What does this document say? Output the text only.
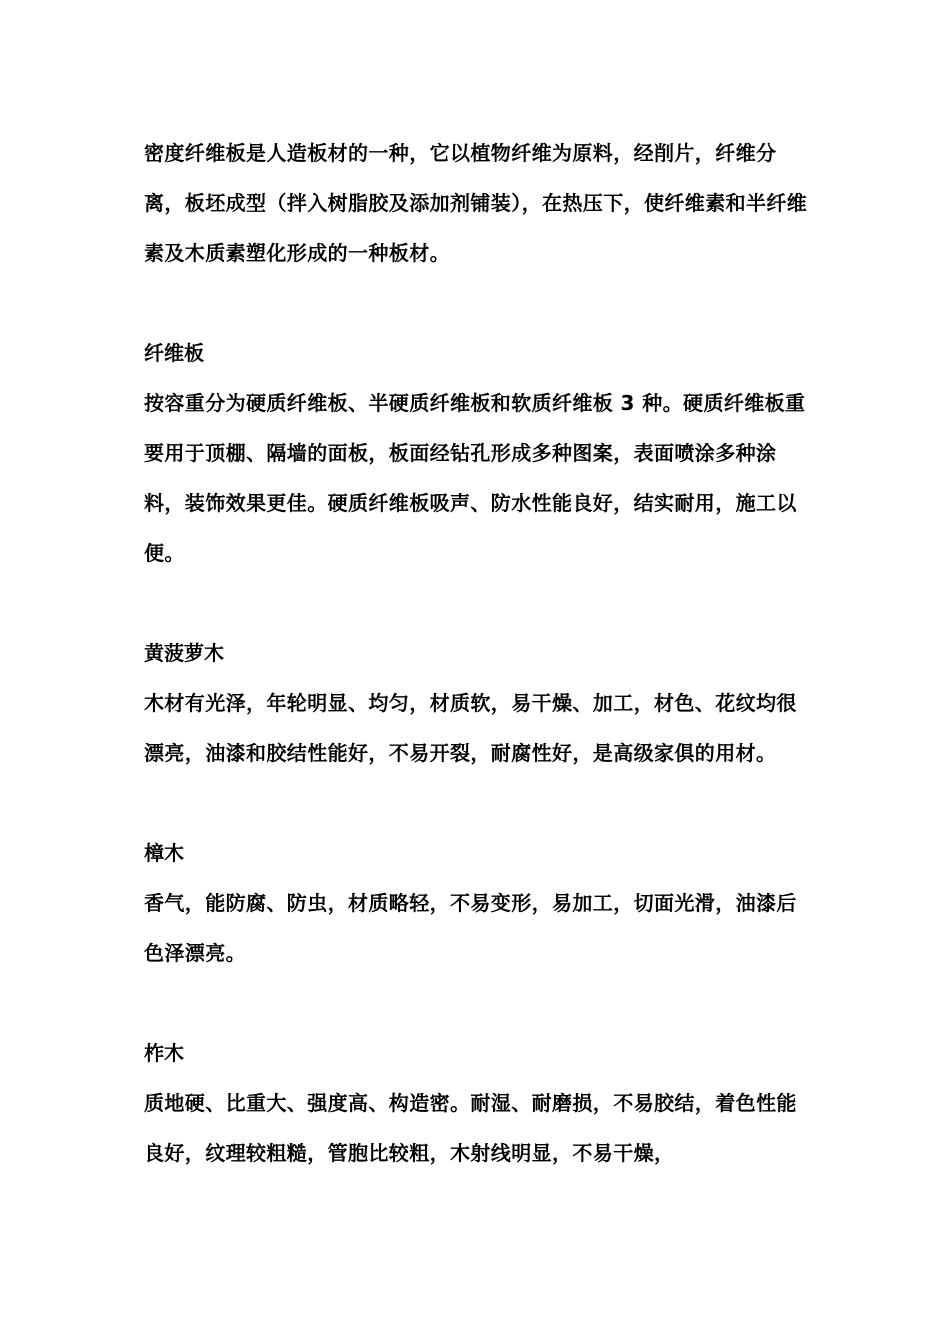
密度纤维板是人造板材的一种，它以植物纤维为原料，经削片，纤维分离，板坯成型（拌入树脂胶及添加剂铺装），在热压下，使纤维素和半纤维素及木质素塑化形成的一种板材。

纤维板

按容重分为硬质纤维板、半硬质纤维板和软质纤维板 3 种。硬质纤维板重要用于顶棚、隔墙的面板，板面经钻孔形成多种图案，表面喷涂多种涂料，装饰效果更佳。硬质纤维板吸声、防水性能良好，结实耐用，施工以便。

黄菠萝木

木材有光泽，年轮明显、均匀，材质软，易干燥、加工，材色、花纹均很漂亮，油漆和胶结性能好，不易开裂，耐腐性好，是高级家俱的用材。

樟木

香气，能防腐、防虫，材质略轻，不易变形，易加工，切面光滑，油漆后色泽漂亮。

柞木

质地硬、比重大、强度高、构造密。耐湿、耐磨损，不易胶结，着色性能良好，纹理较粗糙，管胞比较粗，木射线明显，不易干燥，
